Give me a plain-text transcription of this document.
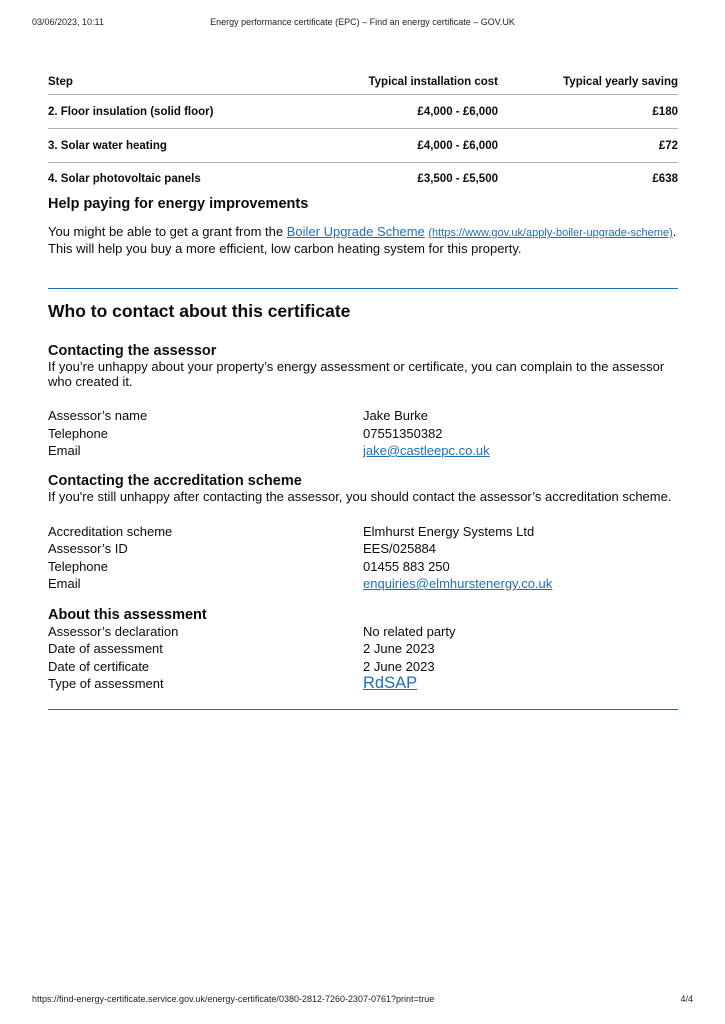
03/06/2023, 10:11	Energy performance certificate (EPC) – Find an energy certificate – GOV.UK
Step	Typical installation cost	Typical yearly saving
2. Floor insulation (solid floor)	£4,000 - £6,000	£180
3. Solar water heating	£4,000 - £6,000	£72
4. Solar photovoltaic panels	£3,500 - £5,500	£638
Help paying for energy improvements

You might be able to get a grant from the Boiler Upgrade Scheme (https://www.gov.uk/apply-boiler-upgrade-scheme). This will help you buy a more efficient, low carbon heating system for this property.

Who to contact about this certificate
Contacting the assessor

If you’re unhappy about your property’s energy assessment or certificate, you can complain to the assessor who created it.

Assessor’s name	Jake Burke
Telephone	07551350382
Email	jake@castleepc.co.uk
Contacting the accreditation scheme

If you're still unhappy after contacting the assessor, you should contact the assessor’s accreditation scheme.

Accreditation scheme	Elmhurst Energy Systems Ltd
Assessor’s ID	EES/025884
Telephone	01455 883 250
Email	enquiries@elmhurstenergy.co.uk
About this assessment
Assessor’s declaration	No related party
Date of assessment	2 June 2023
Date of certificate	2 June 2023
Type of assessment	RdSAP
https://find-energy-certificate.service.gov.uk/energy-certificate/0380-2812-7260-2307-0761?print=true	4/4
